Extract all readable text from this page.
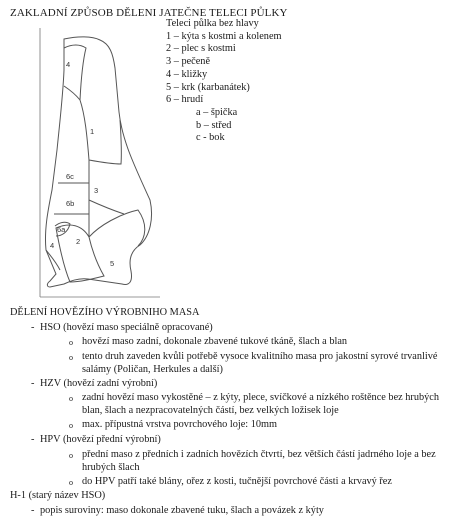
ZAKLADNÍ ZPŮSOB DĚLENI JATEČNE TELECI PŮLKY
Teleci půlka bez hlavy
1 – kýta s kostmi a kolenem
2 – plec s kostmi
3 – pečeně
4 – kližky
5 – krk (karbanátek)
6 – hrudí
a – špička
b – střed
c - bok
4
1
6c
3
6b
6a
2
4
5
DĚLENÍ HOVĚZÍHO VÝROBNIHO MASA
- HSO (hovězí maso speciálně opracované)
o hovězí maso zadní, dokonale zbavené tukové tkáně, šlach a blan
o tento druh zaveden kvůli potřebě vysoce kvalitního masa pro jakostní syrové trvanlivé salámy (Poličan, Herkules a další)
- HZV (hovězí zadní výrobní)
o zadní hovězí maso vykostěné – z kýty, plece, svíčkové a nízkého roštěnce bez hrubých blan, šlach a nezpracovatelných částí, bez velkých ložisek loje
o max. přípustná vrstva povrchového loje: 10mm
- HPV (hovězí přední výrobní)
o přední maso z předních i zadních hovězích čtvrtí, bez větších částí jadrného loje a bez hrubých šlach
o do HPV patří také blány, ořez z kosti, tučnější povrchové části a krvavý řez
H-1 (starý název HSO)
- popis suroviny: maso dokonale zbavené tuku, šlach a povázek z kýty
